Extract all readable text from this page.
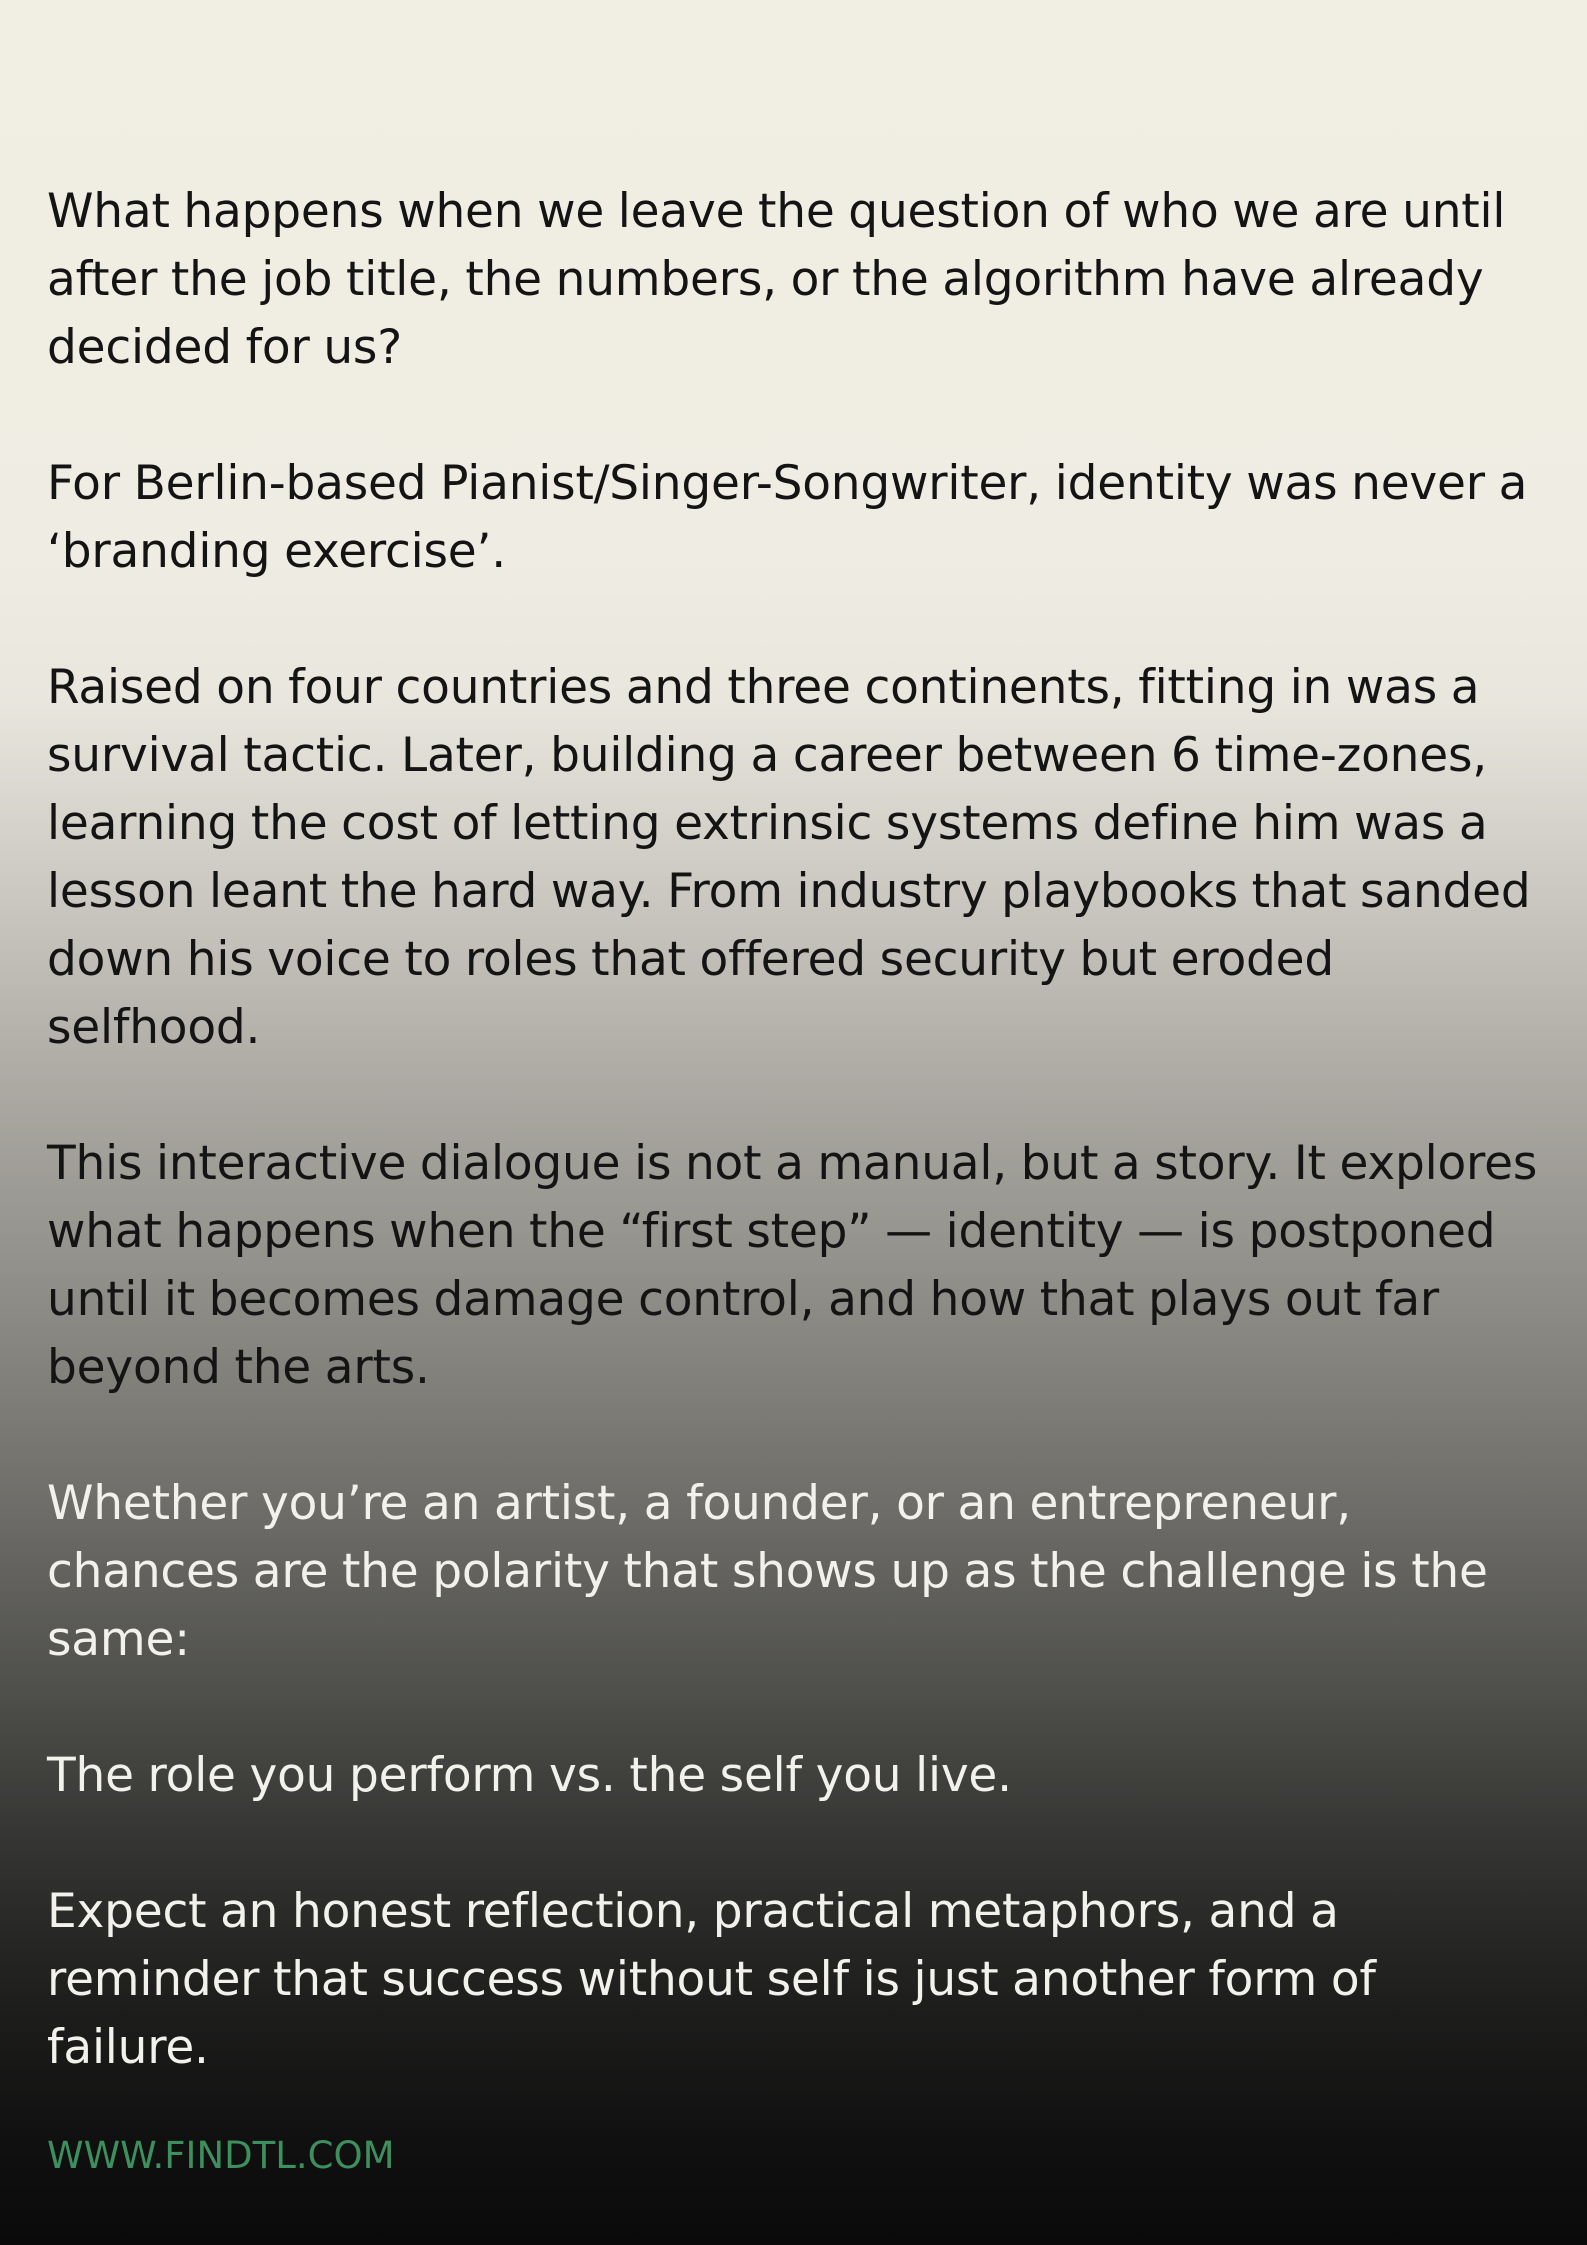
What happens when we leave the question of who we are until after the job title, the numbers, or the algorithm have already decided for us?

For Berlin-based Pianist/Singer-Songwriter, identity was never a ‘branding exercise’.

Raised on four countries and three continents, fitting in was a survival tactic. Later, building a career between 6 time-zones, learning the cost of letting extrinsic systems define him was a lesson leant the hard way. From industry playbooks that sanded down his voice to roles that offered security but eroded selfhood.

This interactive dialogue is not a manual, but a story. It explores what happens when the “first step” — identity — is postponed until it becomes damage control, and how that plays out far beyond the arts.

Whether you’re an artist, a founder, or an entrepreneur, chances are the polarity that shows up as the challenge is the same:

The role you perform vs. the self you live.

Expect an honest reflection, practical metaphors, and a reminder that success without self is just another form of failure.

WWW.FINDTL.COM
